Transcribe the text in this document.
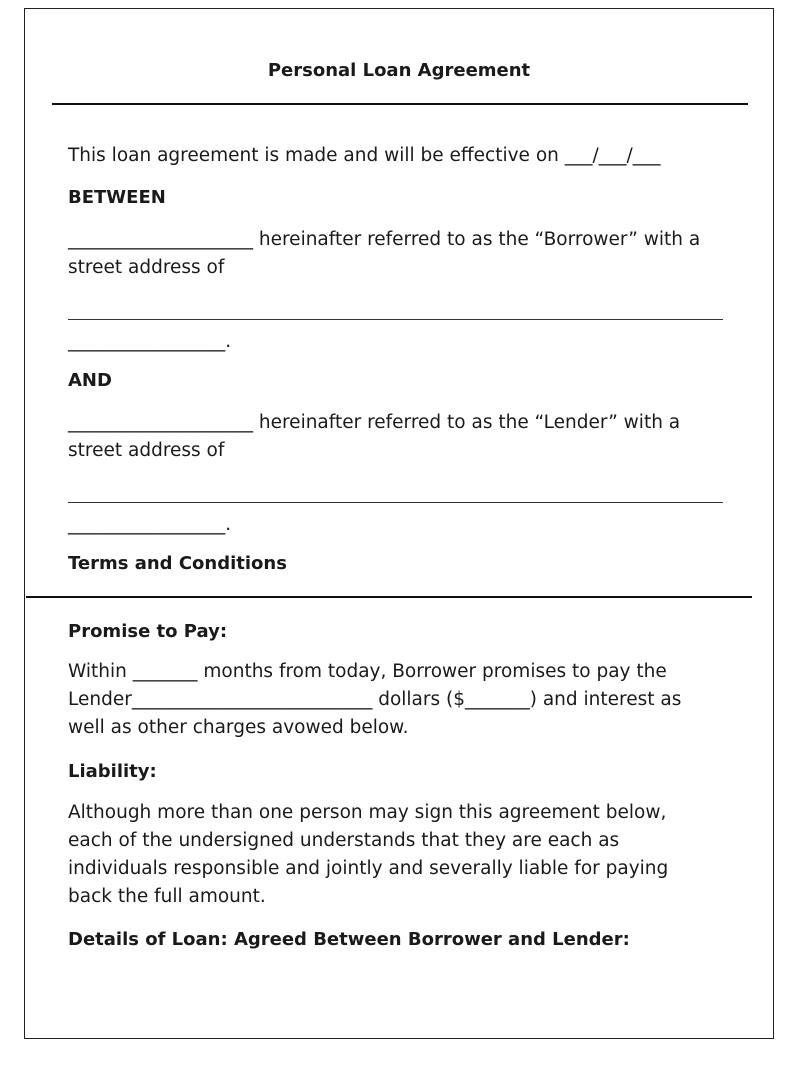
Personal Loan Agreement
This loan agreement is made and will be effective on ___/___/___
BETWEEN
____________________ hereinafter referred to as the “Borrower” with a
street address of
_________________.
AND
____________________ hereinafter referred to as the “Lender” with a
street address of
_________________.
Terms and Conditions
Promise to Pay:
Within _______ months from today, Borrower promises to pay the
Lender__________________________ dollars ($_______) and interest as
well as other charges avowed below.
Liability:
Although more than one person may sign this agreement below,
each of the undersigned understands that they are each as
individuals responsible and jointly and severally liable for paying
back the full amount.
Details of Loan: Agreed Between Borrower and Lender:
